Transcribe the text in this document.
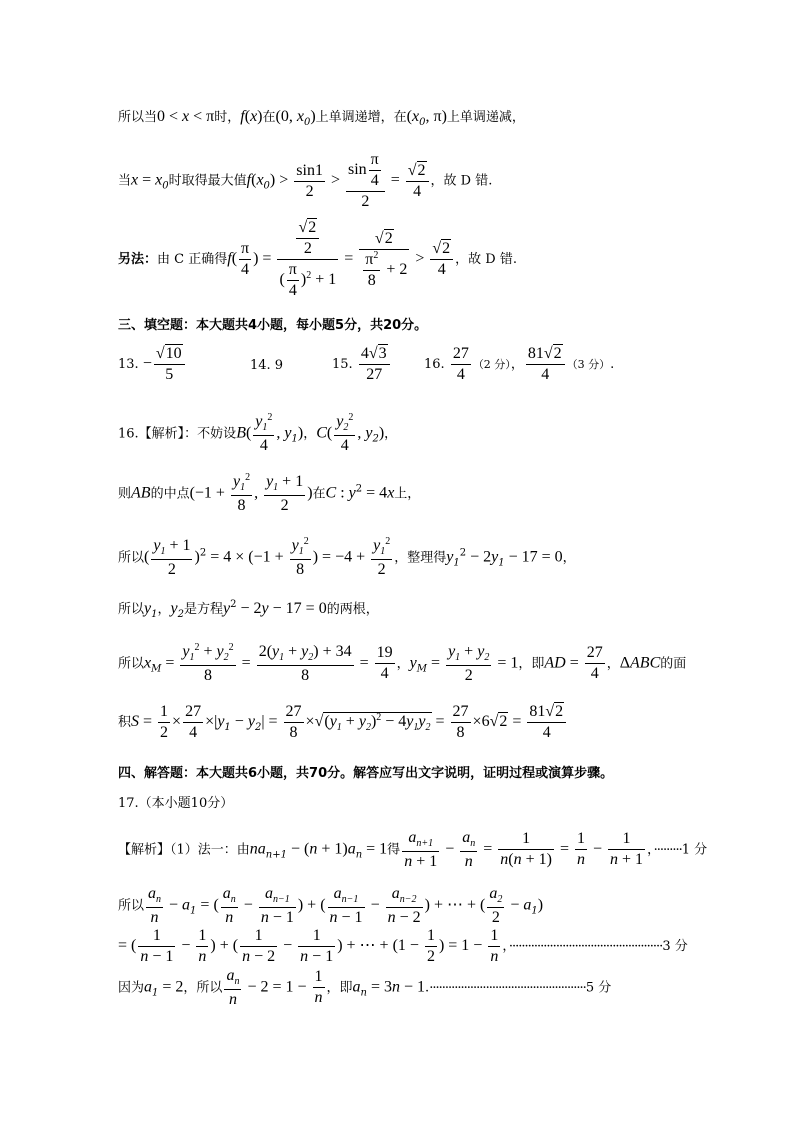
所以当0 < x < π时，f(x)在(0, $x_0$)上单调递增，在($x_0$, π)上单调递减，
当$x = x_0$时取得最大值$f(x_0) > \frac{\sin 1}{2} > \frac{\sin \frac{\pi}{4}}{2} = \frac{√2}{4}$ ，故 D 错.
另法：由 C 正确得$f( \frac{\pi}{4}$ ) = $\frac{\frac{√2}{2}}{( \frac{\pi}{4} )^2 + 1} = \frac{√2}{\frac{\pi^2}{8} + 2} > \frac{√2}{4}$ ，故 D 错.
三、填空题：本大题共4小题，每小题5分，共20分。
13. − $\frac{√10}{5}$	14. 9	15. $\frac{4√3}{27}$	16. $\frac{27}{4} (2$ 分）， $\frac{81√2}{4} (3$ 分）.
16.【解析】：不妨设$B( \frac{y_1^2}{4}$ , $y_1$)，$C( \frac{y_2^2}{4}$ , $y_2$)，
则AB的中点($-1 + \frac{y_1^2}{8}$ , $\frac{y_1 + 1}{2}$ )在C : $y^2 = 4x$上，
所以( $\frac{y_1 + 1}{2} )^2 = 4 \times (-1 + \frac{y_1^2}{8}$ ) = $-4 + \frac{y_1^2}{2}$ ，整理得$y_1^2 - 2y_1 - 17 = 0$，
所以$y_1$，$y_2$是方程$y^2 - 2y - 17 = 0$的两根，
所以$x_M = \frac{y_1^2 + y_2^2}{8} = \frac{2(y_1 + y_2) + 34}{8} = \frac{19}{4}$ ，$y_M = \frac{y_1 + y_2}{2} = 1$，即AD = $\frac{27}{4}$ ，ΔABC的面
积$S = \frac{1}{2} \times \frac{27}{4} \times|y_1 - y_2| = \frac{27}{8} \times√(y_1 + y_2)^2 - 4y_1y_2 = \frac{27}{8} \times 6√2 = \frac{81√2}{4}$
四、解答题：本大题共6小题，共70分。解答应写出文字说明，证明过程或演算步骤。
17.（本小题10分）
【解析】（1）法一：由$na_{n+1} - (n + 1)a_n = 1$得 $\frac{a_{n+1}}{n + 1} - \frac{a_n}{n} = \frac{1}{n(n + 1)} = \frac{1}{n} - \frac{1}{n + 1}$ ，·········1 分
所以 $\frac{a_n}{n} - a_1$ = ( $\frac{a_n}{n} - \frac{a_{n-1}}{n - 1}$ ) + ( $\frac{a_{n-1}}{n - 1} - \frac{a_{n-2}}{n - 2}$ ) + ⋯ + ( $\frac{a_2}{2} - a_1$)
= ( $\frac{1}{n - 1} - \frac{1}{n}$ ) + ( $\frac{1}{n - 2} - \frac{1}{n - 1}$ ) + ⋯ + ($1 - \frac{1}{2}$ ) = $1 - \frac{1}{n}$ ，·················································3 分
因为$a_1 = 2$，所以 $\frac{a_n}{n} - 2 = 1 - \frac{1}{n}$ ，即$a_n = 3n - 1.\cdot\cdot\cdot\cdot\cdot\cdot\cdot\cdot\cdot\cdot\cdot\cdot\cdot\cdot\cdot\cdot\cdot\cdot\cdot\cdot\cdot\cdot\cdot\cdot\cdot\cdot\cdot\cdot\cdot\cdot\cdot\cdot\cdot\cdot\cdot\cdot\cdot\cdot\cdot\cdot\cdot\cdot\cdot\cdot\cdot\cdot\cdot\cdot\cdot\cdot 5$ 分
